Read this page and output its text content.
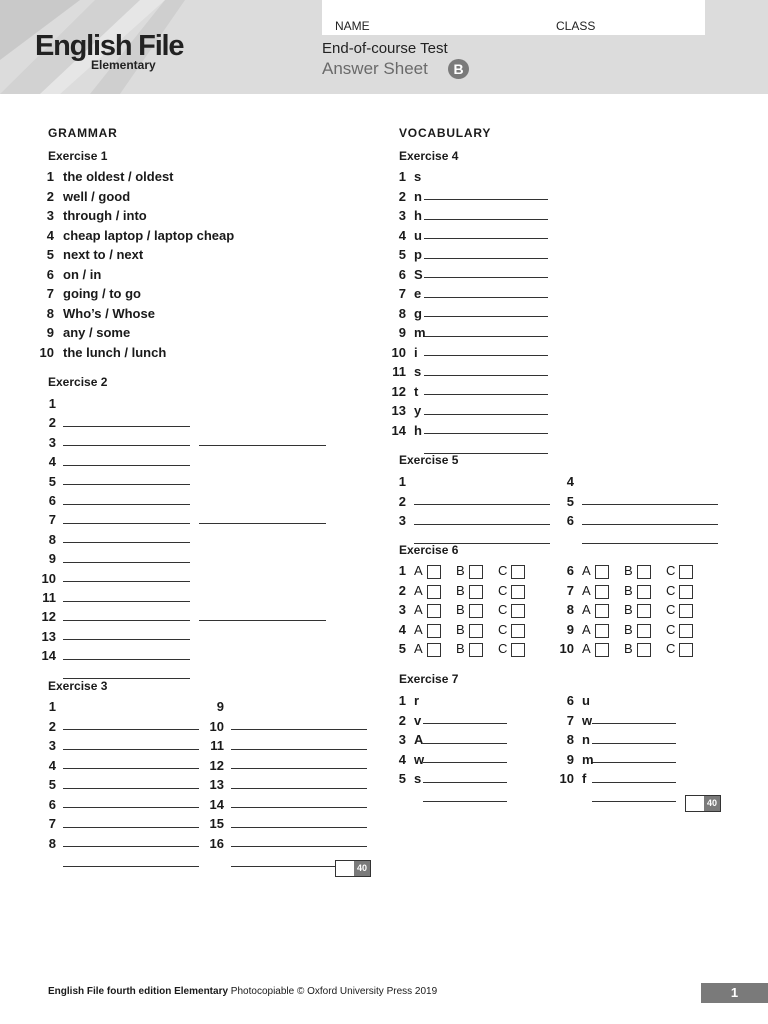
English File
Elementary
NAME	CLASS
End-of-course Test
Answer Sheet	B
GRAMMAR
Exercise 1
1 the oldest / oldest
2 well / good
3 through / into
4 cheap laptop / laptop cheap
5 next to / next
6 on / in
7 going / to go
8 Who’s / Whose
9 any / some
10 the lunch / lunch
Exercise 2
1
2
3
4
5
6
7
8
9
10
11
12
13
14
Exercise 3
1
2
3
4
5
6
7
8
9
10
11
12
13
14
15
16
40
VOCABULARY
Exercise 4
1 s
2 n
3 h
4 u
5 p
6 S
7 e
8 g
9 m
10 i
11 s
12 t
13 y
14 h
Exercise 5
1
2
3
4
5
6
Exercise 6
1 A	B	C
2 A	B	C
3 A	B	C
4 A	B	C
5 A	B	C
6 A	B	C
7 A	B	C
8 A	B	C
9 A	B	C
10 A	B	C
Exercise 7
1 r
2 v
3 A
4 w
5 s
6 u
7 w
8 n
9 m
10 f
40
English File fourth edition Elementary Photocopiable © Oxford University Press 2019	1
